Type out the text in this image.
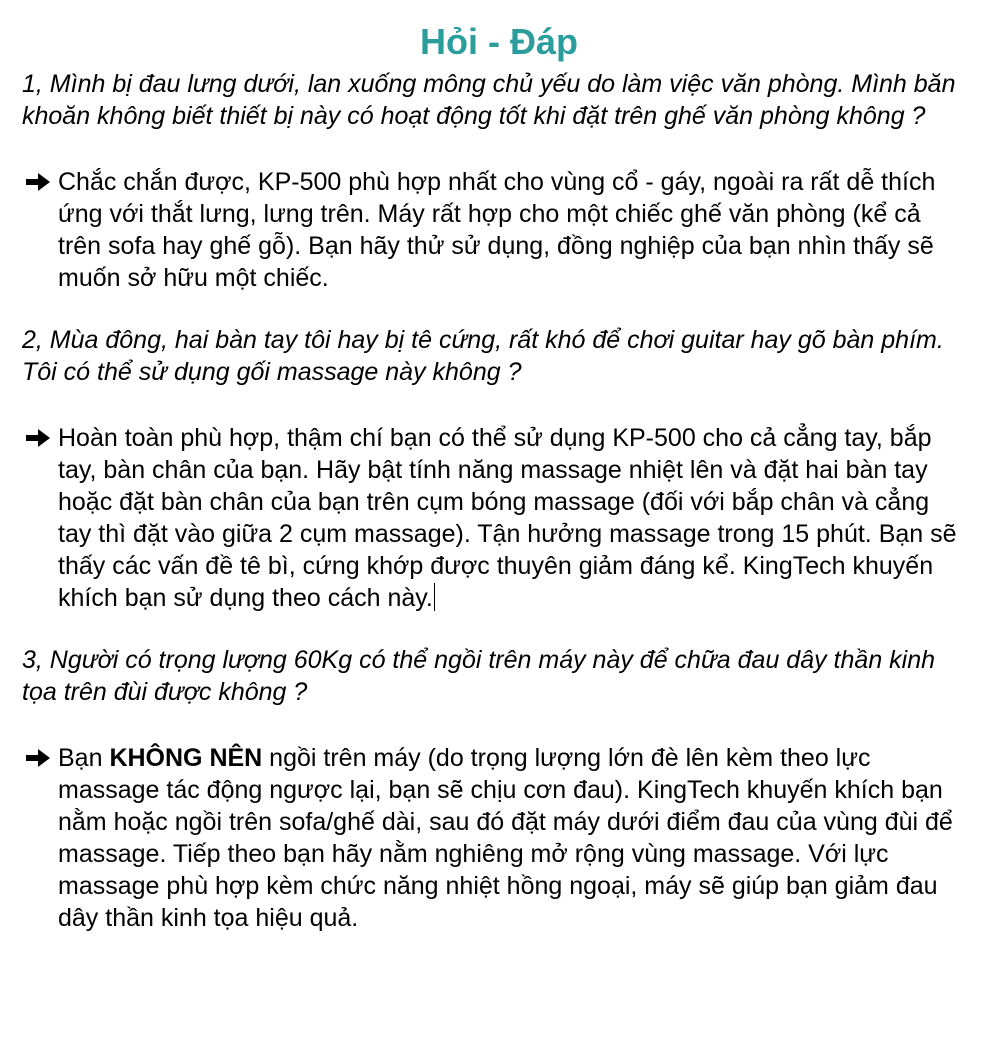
Hỏi - Đáp

1, Mình bị đau lưng dưới, lan xuống mông chủ yếu do làm việc văn phòng. Mình băn khoăn không biết thiết bị này có hoạt động tốt khi đặt trên ghế văn phòng không ?

Chắc chắn được, KP-500 phù hợp nhất cho vùng cổ - gáy, ngoài ra rất dễ thích ứng với thắt lưng, lưng trên. Máy rất hợp cho một chiếc ghế văn phòng (kể cả trên sofa hay ghế gỗ). Bạn hãy thử sử dụng, đồng nghiệp của bạn nhìn thấy sẽ muốn sở hữu một chiếc.

2, Mùa đông, hai bàn tay tôi hay bị tê cứng, rất khó để chơi guitar hay gõ bàn phím. Tôi có thể sử dụng gối massage này không ?

Hoàn toàn phù hợp, thậm chí bạn có thể sử dụng KP-500 cho cả cẳng tay, bắp tay, bàn chân của bạn. Hãy bật tính năng massage nhiệt lên và đặt hai bàn tay hoặc đặt bàn chân của bạn trên cụm bóng massage (đối với bắp chân và cẳng tay thì đặt vào giữa 2 cụm massage). Tận hưởng massage trong 15 phút. Bạn sẽ thấy các vấn đề tê bì, cứng khớp được thuyên giảm đáng kể. KingTech khuyến khích bạn sử dụng theo cách này.

3, Người có trọng lượng 60Kg có thể ngồi trên máy này để chữa đau dây thần kinh tọa trên đùi được không ?

Bạn KHÔNG NÊN ngồi trên máy (do trọng lượng lớn đè lên kèm theo lực massage tác động ngược lại, bạn sẽ chịu cơn đau). KingTech khuyến khích bạn nằm hoặc ngồi trên sofa/ghế dài, sau đó đặt máy dưới điểm đau của vùng đùi để massage. Tiếp theo bạn hãy nằm nghiêng mở rộng vùng massage. Với lực massage phù hợp kèm chức năng nhiệt hồng ngoại, máy sẽ giúp bạn giảm đau dây thần kinh tọa hiệu quả.
